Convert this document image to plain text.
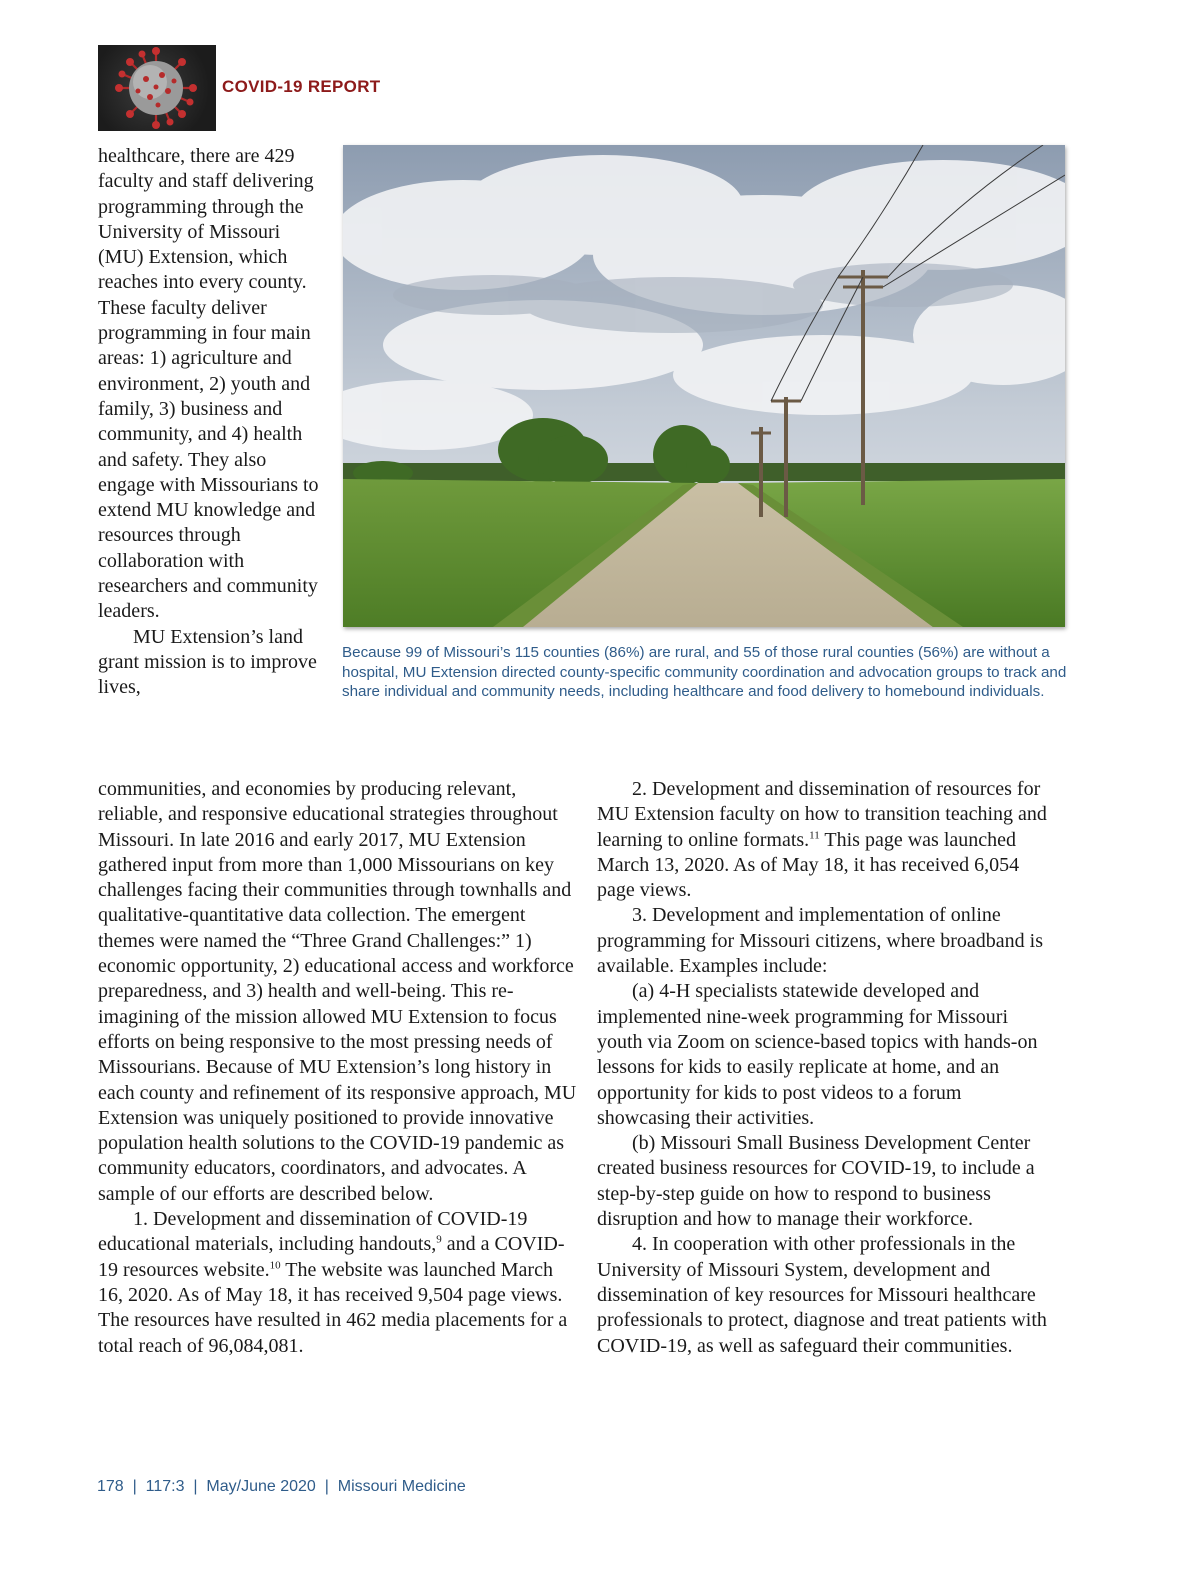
COVID-19 REPORT

healthcare, there are 429 faculty and staff delivering programming through the University of Missouri (MU) Extension, which reaches into every county. These faculty deliver programming in four main areas: 1) agriculture and environment, 2) youth and family, 3) business and community, and 4) health and safety. They also engage with Missourians to extend MU knowledge and resources through collaboration with researchers and community leaders.

MU Extension’s land grant mission is to improve lives,

Because 99 of Missouri’s 115 counties (86%) are rural, and 55 of those rural counties (56%) are without a hospital, MU Extension directed county-specific community coordination and advocation groups to track and share individual and community needs, including healthcare and food delivery to homebound individuals.

communities, and economies by producing relevant, reliable, and responsive educational strategies throughout Missouri. In late 2016 and early 2017, MU Extension gathered input from more than 1,000 Missourians on key challenges facing their communities through townhalls and qualitative-quantitative data collection. The emergent themes were named the “Three Grand Challenges:” 1) economic opportunity, 2) educational access and workforce preparedness, and 3) health and well-being. This re-imagining of the mission allowed MU Extension to focus efforts on being responsive to the most pressing needs of Missourians. Because of MU Extension’s long history in each county and refinement of its responsive approach, MU Extension was uniquely positioned to provide innovative population health solutions to the COVID-19 pandemic as community educators, coordinators, and advocates. A sample of our efforts are described below.

1. Development and dissemination of COVID-19 educational materials, including handouts,$^9$ and a COVID-19 resources website.$^{10}$ The website was launched March 16, 2020. As of May 18, it has received 9,504 page views. The resources have resulted in 462 media placements for a total reach of 96,084,081.

2. Development and dissemination of resources for MU Extension faculty on how to transition teaching and learning to online formats.$^{11}$ This page was launched March 13, 2020. As of May 18, it has received 6,054 page views.

3. Development and implementation of online programming for Missouri citizens, where broadband is available. Examples include:

(a) 4-H specialists statewide developed and implemented nine-week programming for Missouri youth via Zoom on science-based topics with hands-on lessons for kids to easily replicate at home, and an opportunity for kids to post videos to a forum showcasing their activities.

(b) Missouri Small Business Development Center created business resources for COVID-19, to include a step-by-step guide on how to respond to business disruption and how to manage their workforce.

4. In cooperation with other professionals in the University of Missouri System, development and dissemination of key resources for Missouri healthcare professionals to protect, diagnose and treat patients with COVID-19, as well as safeguard their communities.

178  |  117:3  |  May/June 2020  |  Missouri Medicine
